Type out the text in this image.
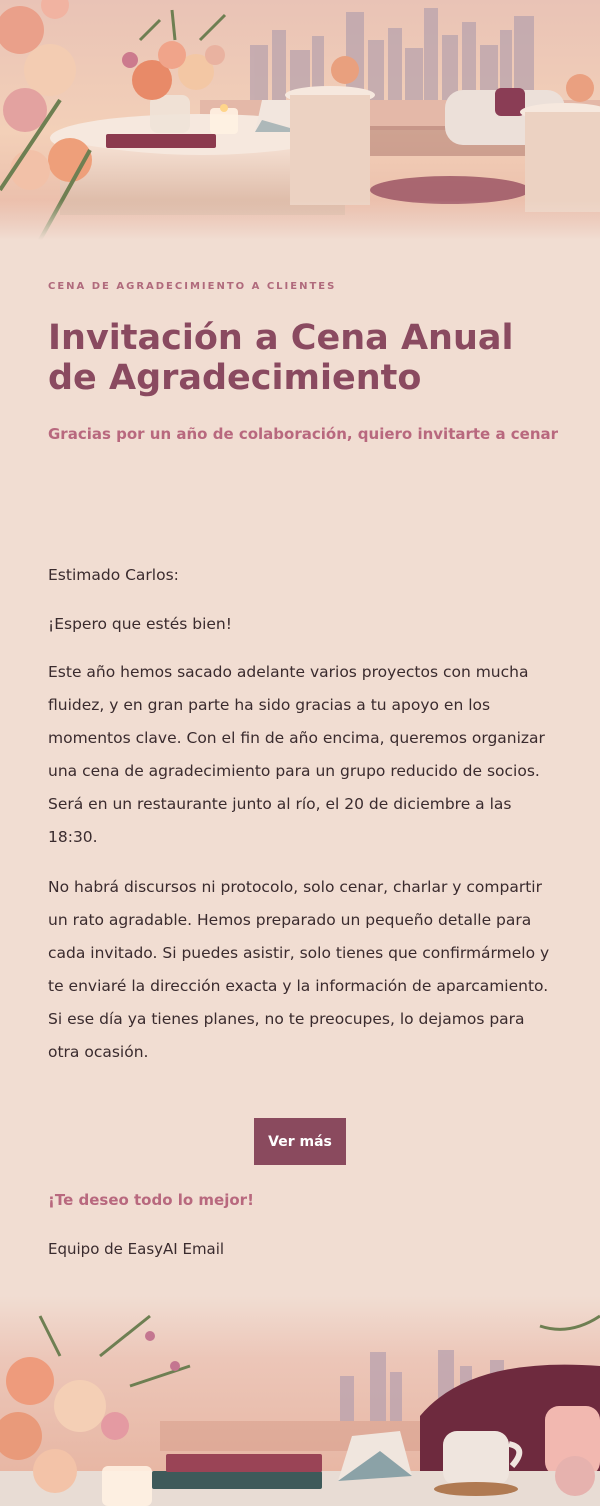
CENA DE AGRADECIMIENTO A CLIENTES
Invitación a Cena Anual de Agradecimiento
Gracias por un año de colaboración, quiero invitarte a cenar

Estimado Carlos:

¡Espero que estés bien!

Este año hemos sacado adelante varios proyectos con mucha fluidez, y en gran parte ha sido gracias a tu apoyo en los momentos clave. Con el fin de año encima, queremos organizar una cena de agradecimiento para un grupo reducido de socios. Será en un restaurante junto al río, el 20 de diciembre a las 18:30.

No habrá discursos ni protocolo, solo cenar, charlar y compartir un rato agradable. Hemos preparado un pequeño detalle para cada invitado. Si puedes asistir, solo tienes que confirmármelo y te enviaré la dirección exacta y la información de aparcamiento. Si ese día ya tienes planes, no te preocupes, lo dejamos para otra ocasión.

Ver más
¡Te deseo todo lo mejor!
Equipo de EasyAI Email
